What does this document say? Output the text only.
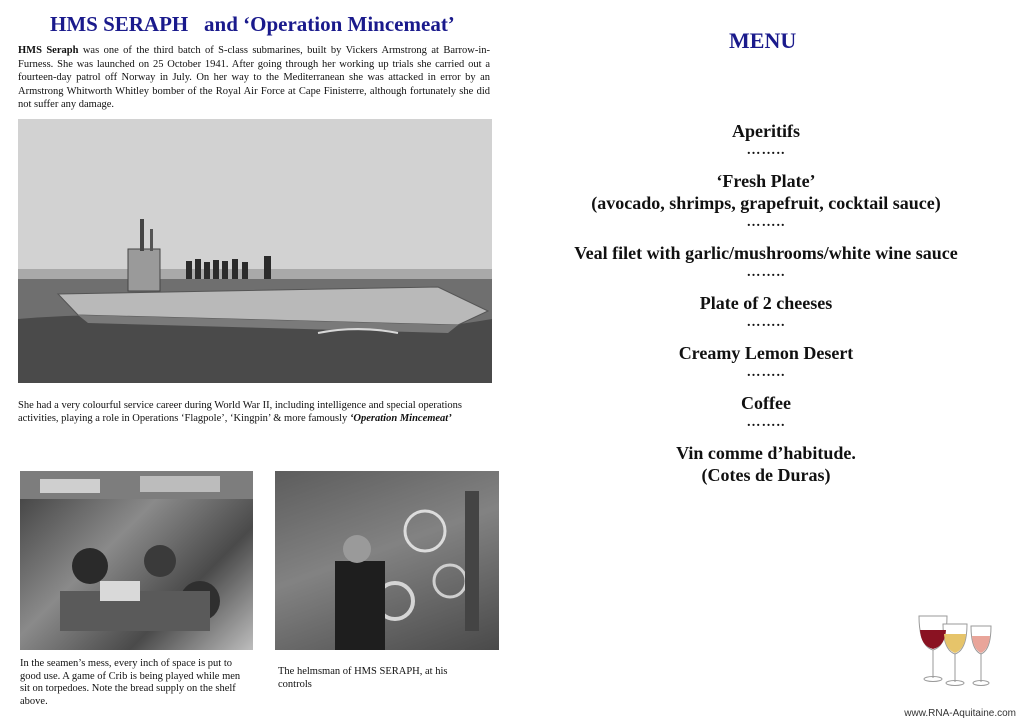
HMS SERAPH   and ‘Operation Mincemeat’

HMS Seraph was one of the third batch of S-class submarines, built by Vickers Armstrong at Barrow-in-Furness. She was launched on 25 October 1941. After going through her working up trials she carried out a fourteen-day patrol off Norway in July. On her way to the Mediterranean she was attacked in error by an Armstrong Whitworth Whitley bomber of the Royal Air Force at Cape Finisterre, although fortunately she did not suffer any damage.

She had a very colourful service career during World War II, including intelligence and special operations activities, playing a role in Operations ‘Flagpole’, ‘Kingpin’ & more famously ‘Operation Mincemeat’

In the seamen’s mess, every inch of space is put to good use. A game of Crib is being played while men sit on torpedoes. Note the bread supply on the shelf above.

The helmsman of HMS SERAPH, at his controls

MENU

Aperitifs

……..

‘Fresh Plate’

(avocado, shrimps, grapefruit, cocktail sauce)

……..

Veal filet with garlic/mushrooms/white wine sauce

……..

Plate of 2 cheeses

……..

Creamy Lemon Desert

……..

Coffee

……..

Vin comme d’habitude.

(Cotes de Duras)

www.RNA-Aquitaine.com
